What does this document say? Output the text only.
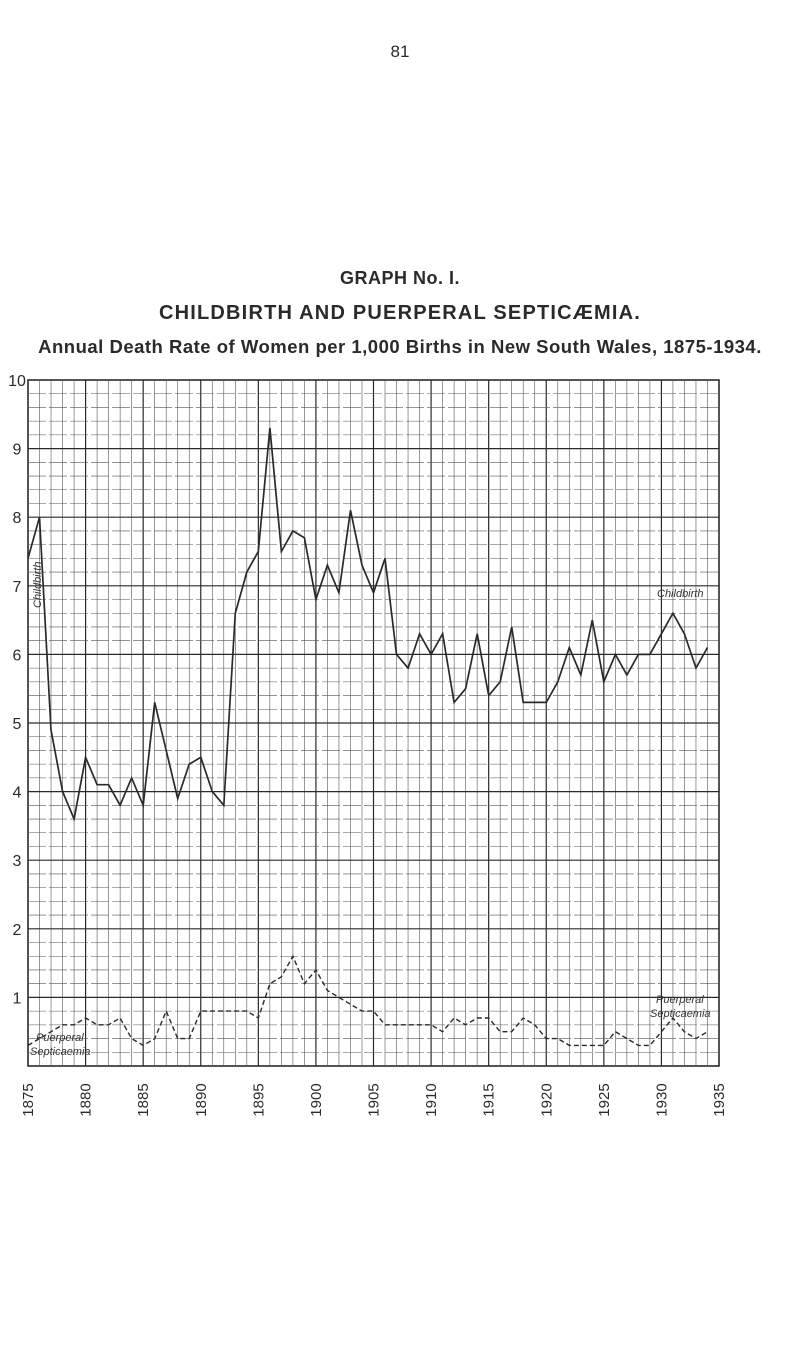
81
GRAPH No. I.
CHILDBIRTH AND PUERPERAL SEPTICÆMIA.
Annual Death Rate of Women per 1,000 Births in New South Wales, 1875-1934.
1
2
3
4
5
6
7
8
9
10
1875	1880	1885	1890	1895	1900	1905	1910	1915	1920	1925	1930	1935
Childbirth	Childbirth
Puerperal
Septicaemia
Puerperal
Septicaemia
